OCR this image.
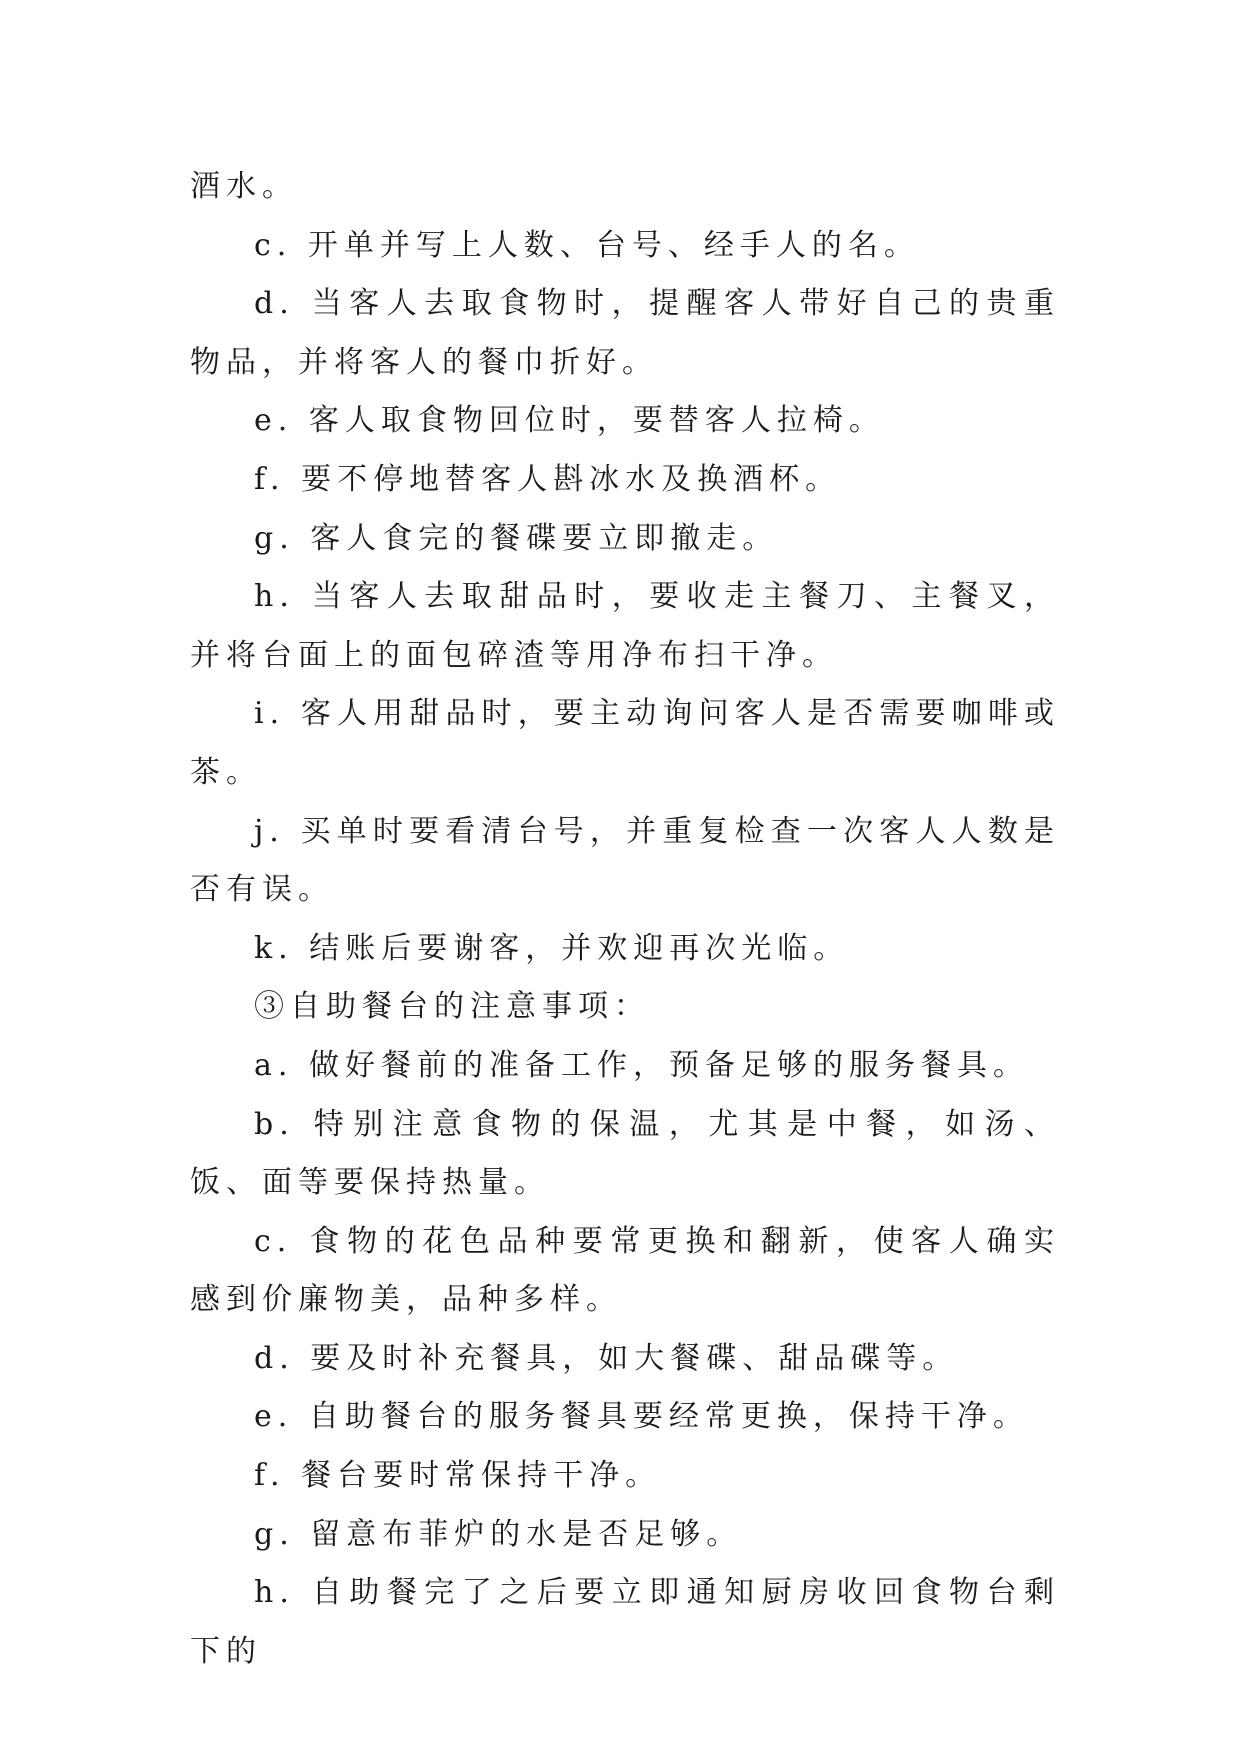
酒水。

c. 开单并写上人数、台号、经手人的名。

d. 当客人去取食物时，提醒客人带好自己的贵重物品，并将客人的餐巾折好。

e. 客人取食物回位时，要替客人拉椅。

f. 要不停地替客人斟冰水及换酒杯。

g. 客人食完的餐碟要立即撤走。

h. 当客人去取甜品时，要收走主餐刀、主餐叉，并将台面上的面包碎渣等用净布扫干净。

i. 客人用甜品时，要主动询问客人是否需要咖啡或茶。

j. 买单时要看清台号，并重复检查一次客人人数是否有误。

k. 结账后要谢客，并欢迎再次光临。

③自助餐台的注意事项：

a. 做好餐前的准备工作，预备足够的服务餐具。

b. 特别注意食物的保温，尤其是中餐，如汤、饭、面等要保持热量。

c. 食物的花色品种要常更换和翻新，使客人确实感到价廉物美，品种多样。

d. 要及时补充餐具，如大餐碟、甜品碟等。

e. 自助餐台的服务餐具要经常更换，保持干净。

f. 餐台要时常保持干净。

g. 留意布菲炉的水是否足够。

h. 自助餐完了之后要立即通知厨房收回食物台剩下的
